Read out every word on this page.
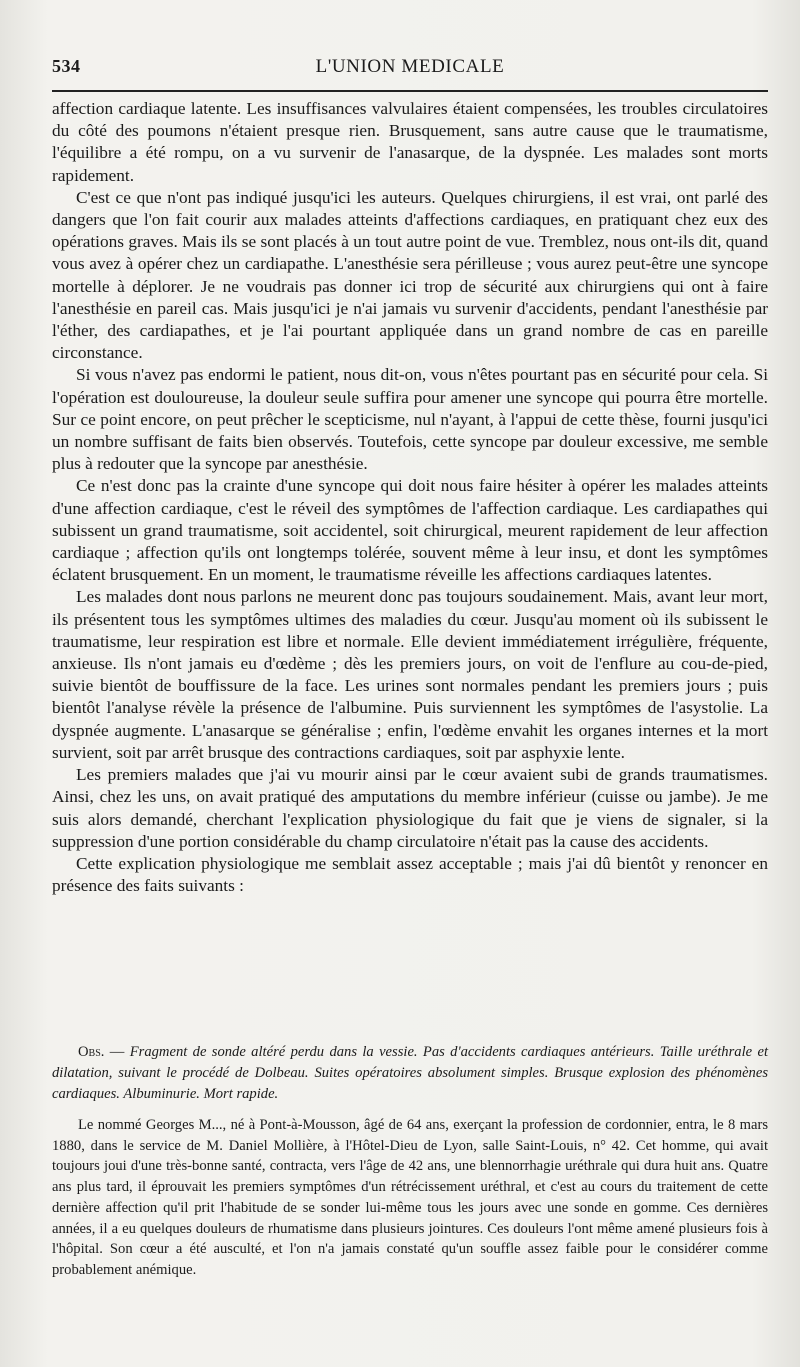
534	L'UNION MEDICALE

affection cardiaque latente. Les insuffisances valvulaires étaient compensées, les troubles circulatoires du côté des poumons n'étaient presque rien. Brusquement, sans autre cause que le traumatisme, l'équilibre a été rompu, on a vu survenir de l'anasarque, de la dyspnée. Les malades sont morts rapidement.

C'est ce que n'ont pas indiqué jusqu'ici les auteurs. Quelques chirurgiens, il est vrai, ont parlé des dangers que l'on fait courir aux malades atteints d'affections cardiaques, en pratiquant chez eux des opérations graves. Mais ils se sont placés à un tout autre point de vue. Tremblez, nous ont-ils dit, quand vous avez à opérer chez un cardiapathe. L'anesthésie sera périlleuse ; vous aurez peut-être une syncope mortelle à déplorer. Je ne voudrais pas donner ici trop de sécurité aux chirurgiens qui ont à faire l'anesthésie en pareil cas. Mais jusqu'ici je n'ai jamais vu survenir d'accidents, pendant l'anesthésie par l'éther, des cardiapathes, et je l'ai pourtant appliquée dans un grand nombre de cas en pareille circonstance.

Si vous n'avez pas endormi le patient, nous dit-on, vous n'êtes pourtant pas en sécurité pour cela. Si l'opération est douloureuse, la douleur seule suffira pour amener une syncope qui pourra être mortelle. Sur ce point encore, on peut prêcher le scepticisme, nul n'ayant, à l'appui de cette thèse, fourni jusqu'ici un nombre suffisant de faits bien observés. Toutefois, cette syncope par douleur excessive, me semble plus à redouter que la syncope par anesthésie.

Ce n'est donc pas la crainte d'une syncope qui doit nous faire hésiter à opérer les malades atteints d'une affection cardiaque, c'est le réveil des symptômes de l'affection cardiaque. Les cardiapathes qui subissent un grand traumatisme, soit accidentel, soit chirurgical, meurent rapidement de leur affection cardiaque ; affection qu'ils ont longtemps tolérée, souvent même à leur insu, et dont les symptômes éclatent brusquement. En un moment, le traumatisme réveille les affections cardiaques latentes.

Les malades dont nous parlons ne meurent donc pas toujours soudainement. Mais, avant leur mort, ils présentent tous les symptômes ultimes des maladies du cœur. Jusqu'au moment où ils subissent le traumatisme, leur respiration est libre et normale. Elle devient immédiatement irrégulière, fréquente, anxieuse. Ils n'ont jamais eu d'œdème ; dès les premiers jours, on voit de l'enflure au cou-de-pied, suivie bientôt de bouffissure de la face. Les urines sont normales pendant les premiers jours ; puis bientôt l'analyse révèle la présence de l'albumine. Puis surviennent les symptômes de l'asystolie. La dyspnée augmente. L'anasarque se généralise ; enfin, l'œdème envahit les organes internes et la mort survient, soit par arrêt brusque des contractions cardiaques, soit par asphyxie lente.

Les premiers malades que j'ai vu mourir ainsi par le cœur avaient subi de grands traumatismes. Ainsi, chez les uns, on avait pratiqué des amputations du membre inférieur (cuisse ou jambe). Je me suis alors demandé, cherchant l'explication physiologique du fait que je viens de signaler, si la suppression d'une portion considérable du champ circulatoire n'était pas la cause des accidents.

Cette explication physiologique me semblait assez acceptable ; mais j'ai dû bientôt y renoncer en présence des faits suivants :

Obs. — Fragment de sonde altéré perdu dans la vessie. Pas d'accidents cardiaques antérieurs. Taille uréthrale et dilatation, suivant le procédé de Dolbeau. Suites opératoires absolument simples. Brusque explosion des phénomènes cardiaques. Albuminurie. Mort rapide.

Le nommé Georges M..., né à Pont-à-Mousson, âgé de 64 ans, exerçant la profession de cordonnier, entra, le 8 mars 1880, dans le service de M. Daniel Mollière, à l'Hôtel-Dieu de Lyon, salle Saint-Louis, n° 42. Cet homme, qui avait toujours joui d'une très-bonne santé, contracta, vers l'âge de 42 ans, une blennorrhagie uréthrale qui dura huit ans. Quatre ans plus tard, il éprouvait les premiers symptômes d'un rétrécissement uréthral, et c'est au cours du traitement de cette dernière affection qu'il prit l'habitude de se sonder lui-même tous les jours avec une sonde en gomme. Ces dernières années, il a eu quelques douleurs de rhumatisme dans plusieurs jointures. Ces douleurs l'ont même amené plusieurs fois à l'hôpital. Son cœur a été ausculté, et l'on n'a jamais constaté qu'un souffle assez faible pour le considérer comme probablement anémique.
